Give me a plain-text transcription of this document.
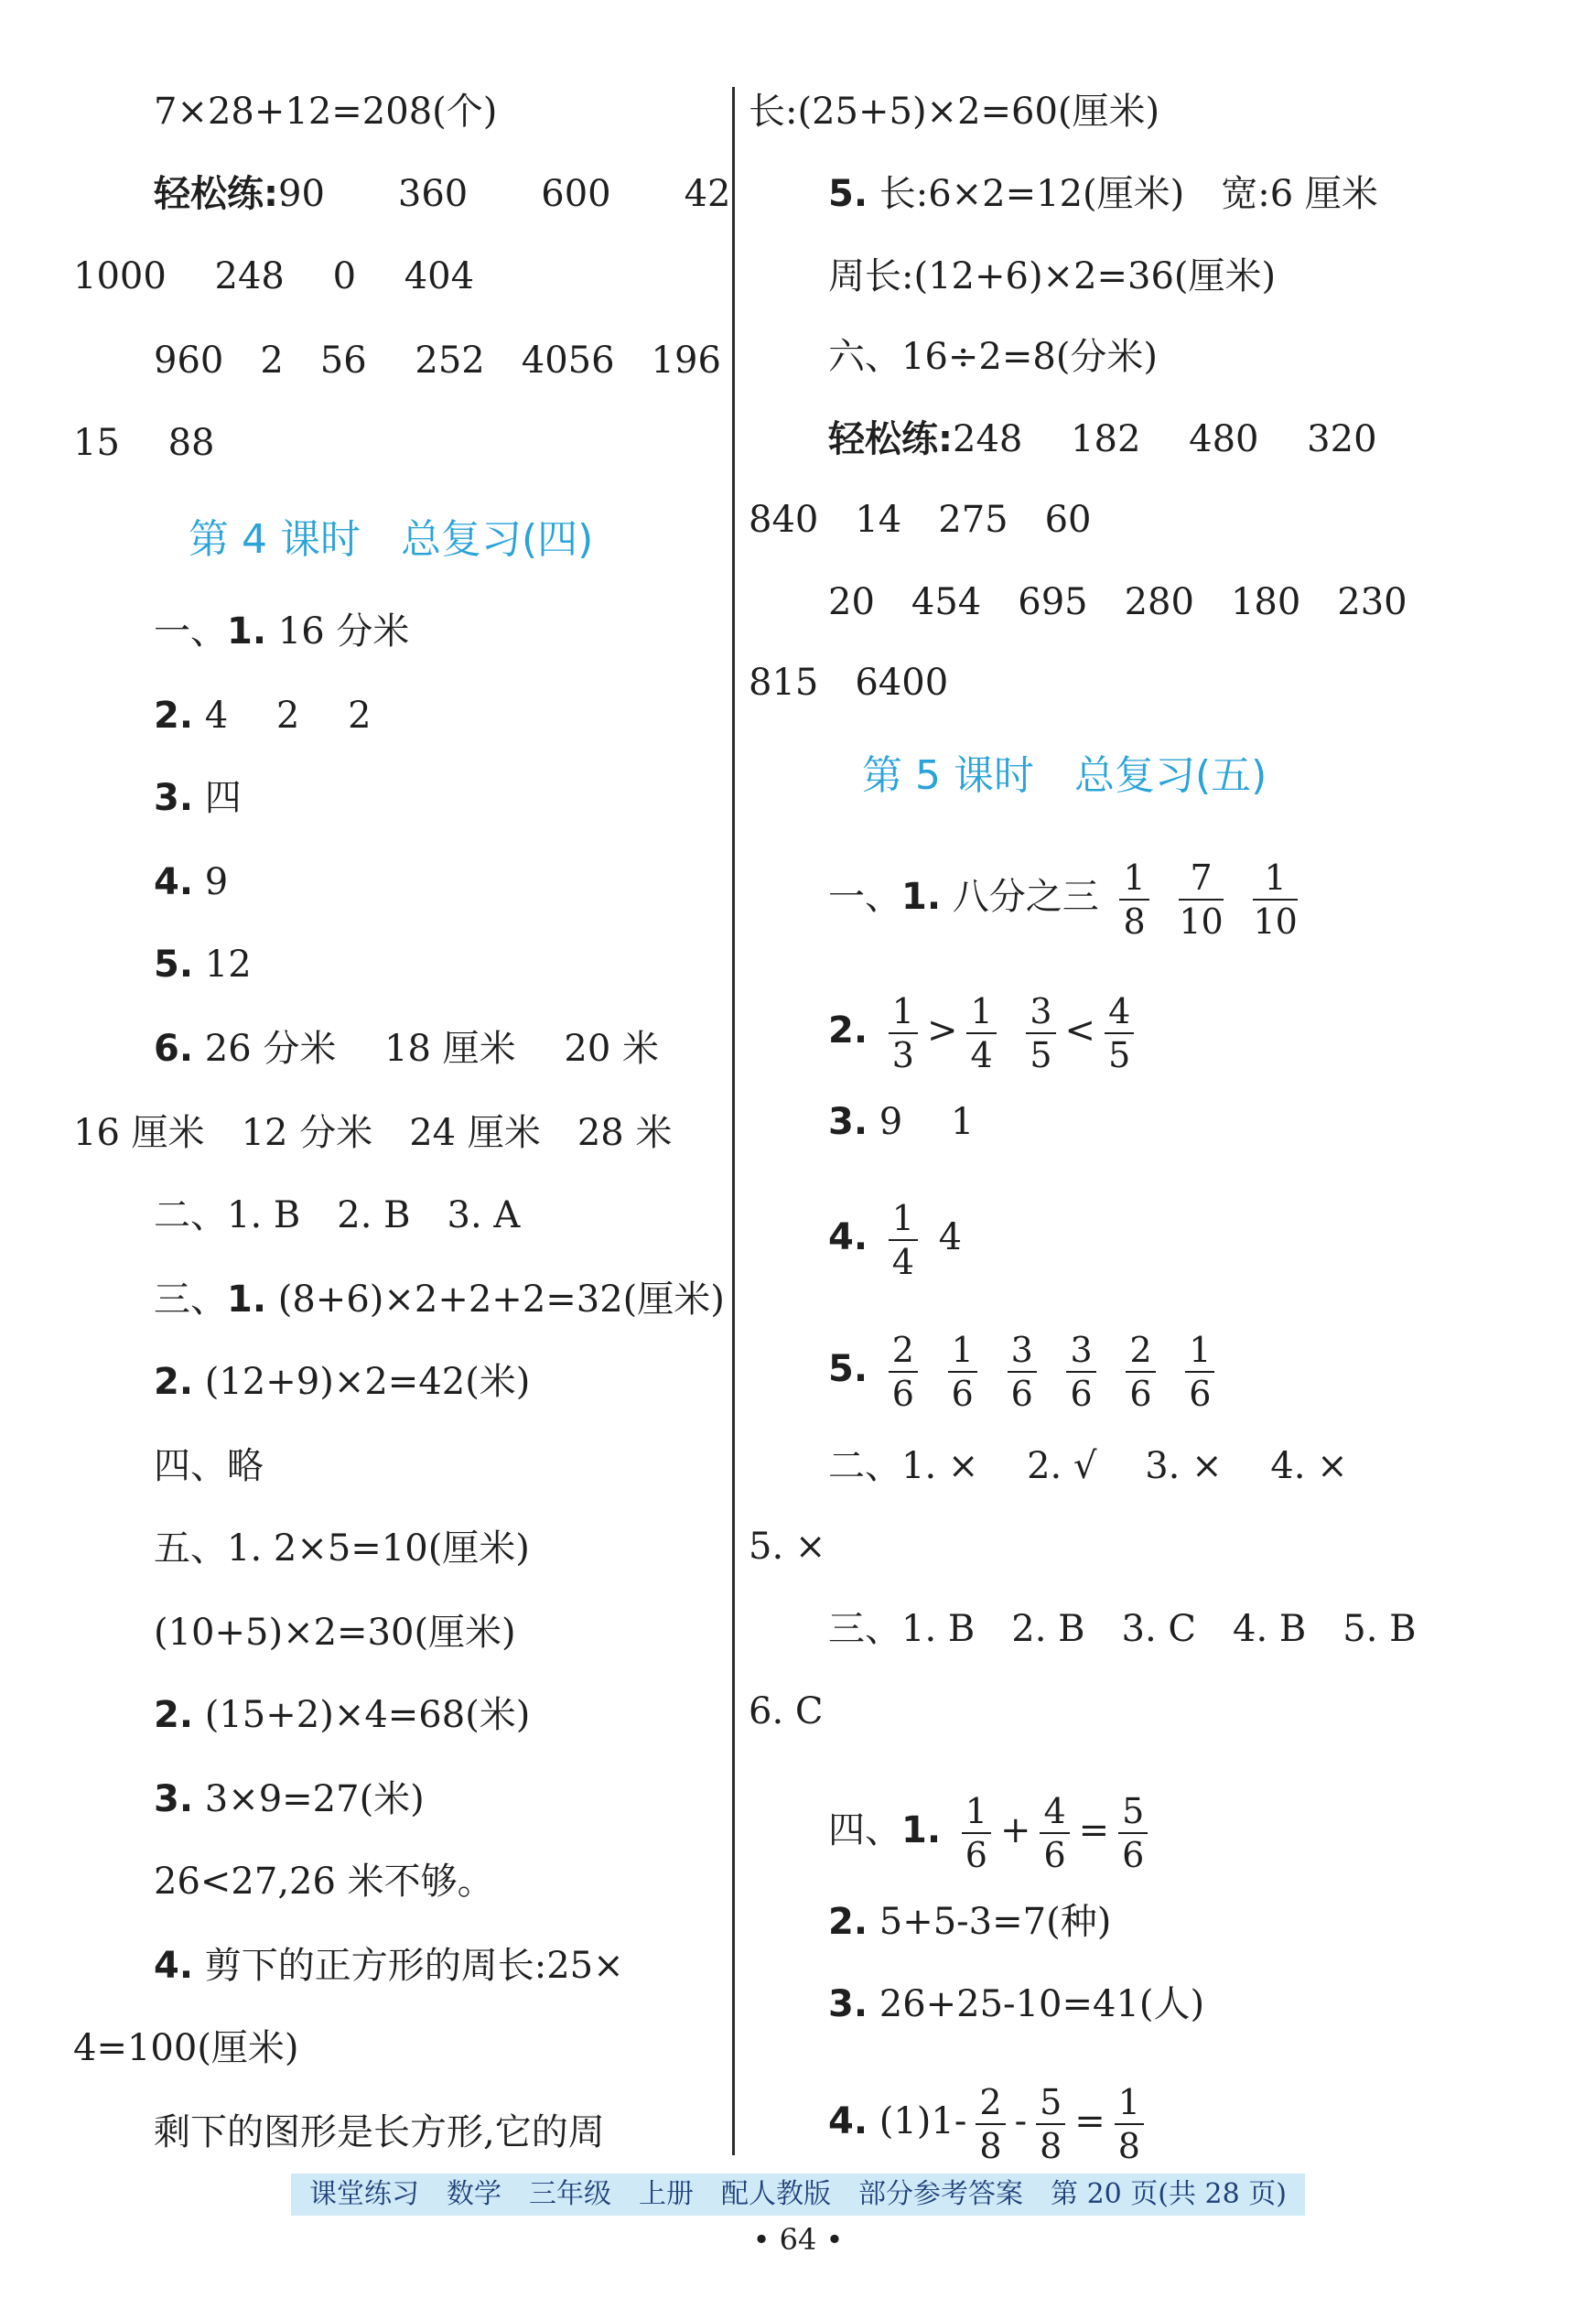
7×28+12=208(个)
轻松练:90　　360　　600　　42
1000　 248　 0　 404
960　2　56　 252　4056　196
15　 88
第 4 课时　总复习(四)
一、1. 16 分米
2. 4　 2　 2
3. 四
4. 9
5. 12
6. 26 分米　 18 厘米　 20 米
16 厘米　12 分米　24 厘米　28 米
二、1. B　2. B　3. A
三、1. (8+6)×2+2+2=32(厘米)
2. (12+9)×2=42(米)
四、略
五、1. 2×5=10(厘米)
(10+5)×2=30(厘米)
2. (15+2)×4=68(米)
3. 3×9=27(米)
26<27,26 米不够。
4. 剪下的正方形的周长:25×
4=100(厘米)
剩下的图形是长方形,它的周
长:(25+5)×2=60(厘米)
5. 长:6×2=12(厘米)　宽:6 厘米
周长:(12+6)×2=36(厘米)
六、16÷2=8(分米)
轻松练:248　 182　 480　 320
840　14　275　60
20　454　695　280　180　230
815　6400
第 5 课时　总复习(五)
一、1. 八分之三 $\frac{1}{8}$
$\frac{7}{10}$
$\frac{1}{10}$
2. $\frac{1}{3} > \frac{1}{4}$
$\frac{3}{5} < \frac{4}{5}$
3. 9　 1
4. $\frac{1}{4} 4$
5. $\frac{2}{6}$
$\frac{1}{6}$
$\frac{3}{6}$
$\frac{3}{6}$
$\frac{2}{6}$
$\frac{1}{6}$
二、1. ×　 2. √　 3. ×　 4. ×
5. ×
三、1. B　2. B　3. C　4. B　5. B
6. C
四、1. $\frac{1}{6} + \frac{4}{6} = \frac{5}{6}$
2. 5+5-3=7(种)
3. 26+25-10=41(人)
4. $(1)1- \frac{2}{8} - \frac{5}{8} = \frac{1}{8}$
课堂练习　数学　三年级　上册　配人教版　部分参考答案　第 20 页(共 28 页)
• 64 •
